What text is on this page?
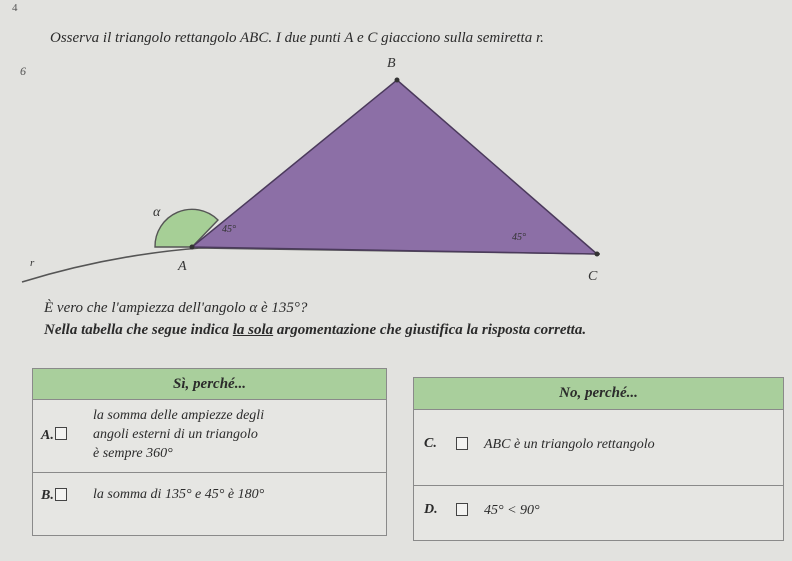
4
6
Osserva il triangolo rettangolo ABC. I due punti A e C giacciono sulla semiretta r.
B
A
C
r
α
45°
45°
È vero che l'ampiezza dell'angolo α è 135°?
Nella tabella che segue indica la sola argomentazione che giustifica la risposta corretta.
Sì, perché...
A.
la somma delle ampiezze degli
angoli esterni di un triangolo
è sempre 360°
B.	la somma di 135° e 45° è 180°
No, perché...
C.	ABC è un triangolo rettangolo
D.	45° < 90°
